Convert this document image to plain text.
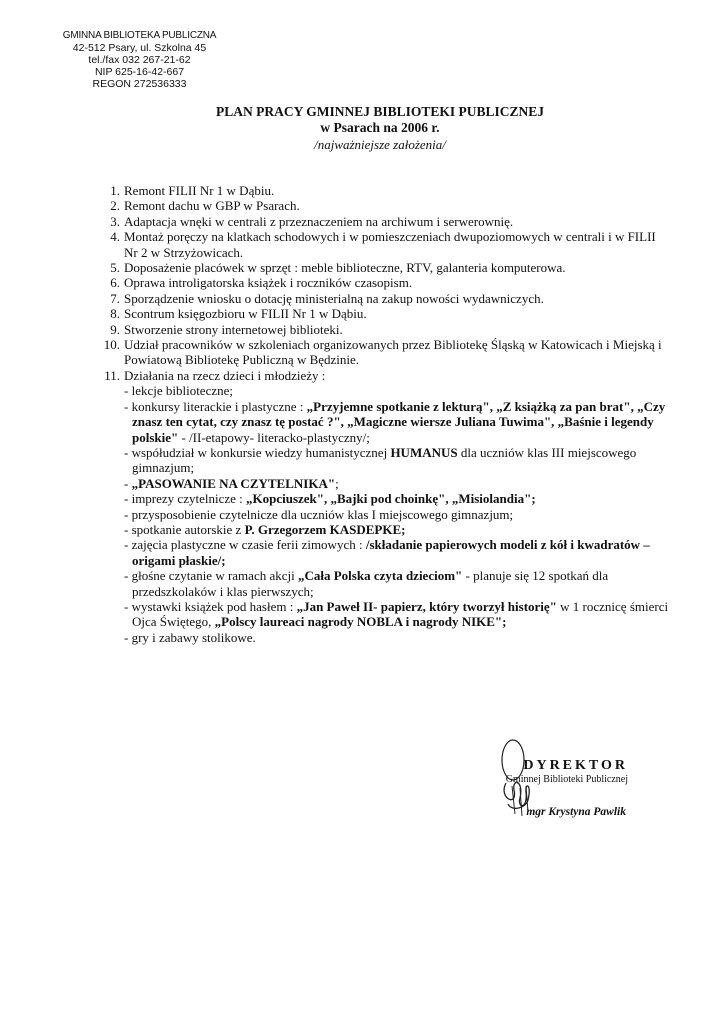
GMINNA BIBLIOTEKA PUBLICZNA
42-512 Psary, ul. Szkolna 45
tel./fax 032 267-21-62
NIP 625-16-42-667
REGON 272536333
PLAN PRACY GMINNEJ BIBLIOTEKI PUBLICZNEJ
w Psarach na 2006 r.
/najważniejsze założenia/
1. Remont FILII Nr 1 w Dąbiu.
2. Remont dachu w GBP w Psarach.
3. Adaptacja wnęki w centrali z przeznaczeniem na archiwum i serwerownię.
4. Montaż poręczy na klatkach schodowych i w pomieszczeniach dwupoziomowych w centrali i w FILII Nr 2 w Strzyżowicach.
5. Doposażenie placówek w sprzęt : meble biblioteczne, RTV, galanteria komputerowa.
6. Oprawa introligatorska książek i roczników czasopism.
7. Sporządzenie wniosku o dotację ministerialną na zakup nowości wydawniczych.
8. Scontrum księgozbioru w FILII Nr 1 w Dąbiu.
9. Stworzenie strony internetowej biblioteki.
10. Udział pracowników w szkoleniach organizowanych przez Bibliotekę Śląską w Katowicach i Miejską i Powiatową Bibliotekę Publiczną w Będzinie.
11. Działania na rzecz dzieci i młodzieży :
- lekcje biblioteczne;
- konkursy literackie i plastyczne : „Przyjemne spotkanie z lekturą", „Z książką za pan brat", „Czy znasz ten cytat, czy znasz tę postać ?", „Magiczne wiersze Juliana Tuwima", „Baśnie i legendy polskie" - /II-etapowy- literacko-plastyczny/;
- współudział w konkursie wiedzy humanistycznej HUMANUS dla uczniów klas III miejscowego gimnazjum;
- „PASOWANIE NA CZYTELNIKA";
- imprezy czytelnicze : „Kopciuszek", „Bajki pod choinkę", „Misiolandia";
- przysposobienie czytelnicze dla uczniów klas I miejscowego gimnazjum;
- spotkanie autorskie z P. Grzegorzem KASDEPKE;
- zajęcia plastyczne w czasie ferii zimowych : /składanie papierowych modeli z kół i kwadratów – origami płaskie/;
- głośne czytanie w ramach akcji „Cała Polska czyta dzieciom" - planuje się 12 spotkań dla przedszkolaków i klas pierwszych;
- wystawki książek pod hasłem : „Jan Paweł II- papierz, który tworzył historię" w 1 rocznicę śmierci Ojca Świętego, „Polscy laureaci nagrody NOBLA i nagrody NIKE";
- gry i zabawy stolikowe.
DYREKTOR
Gminnej Biblioteki Publicznej
mgr Krystyna Pawlik
